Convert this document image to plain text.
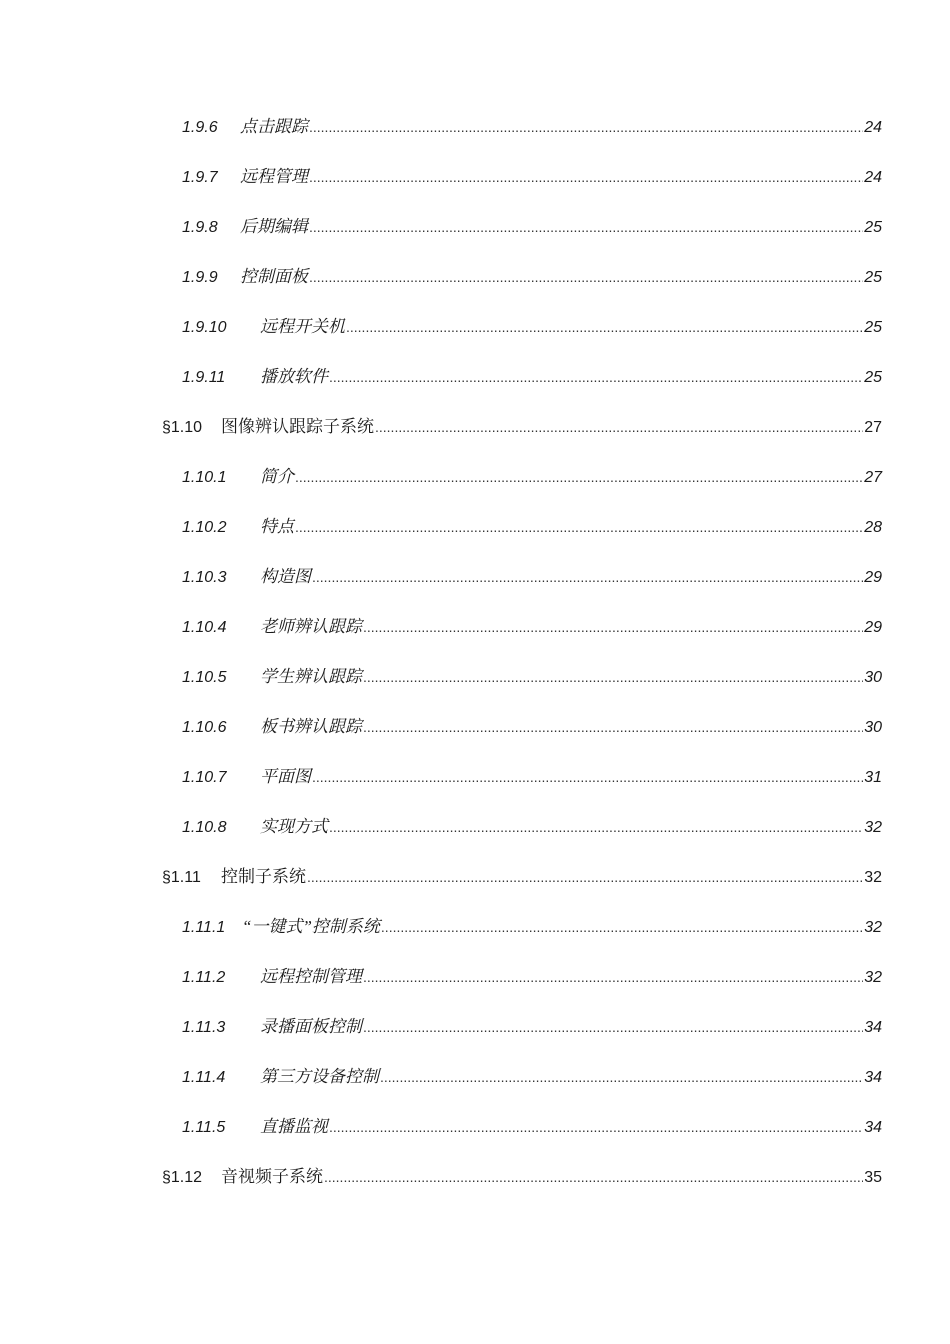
1.9.6	点击跟踪 .....	24
1.9.7	远程管理 .....	24
1.9.8	后期编辑 .....	25
1.9.9	控制面板 .....	25
1.9.10	远程开关机 .....	25
1.9.11	播放软件 .....	25
§1.10	图像辨认跟踪子系统 .....	27
1.10.1	简介 .....	27
1.10.2	特点 .....	28
1.10.3	构造图 .....	29
1.10.4	老师辨认跟踪 .....	29
1.10.5	学生辨认跟踪 .....	30
1.10.6	板书辨认跟踪 .....	30
1.10.7	平面图 .....	31
1.10.8	实现方式 .....	32
§1.11	控制子系统 .....	32
1.11.1 “一键式”控制系统 .....	32
1.11.2	远程控制管理 .....	32
1.11.3	录播面板控制 .....	34
1.11.4	第三方设备控制 .....	34
1.11.5	直播监视 .....	34
§1.12	音视频子系统 .....	35
